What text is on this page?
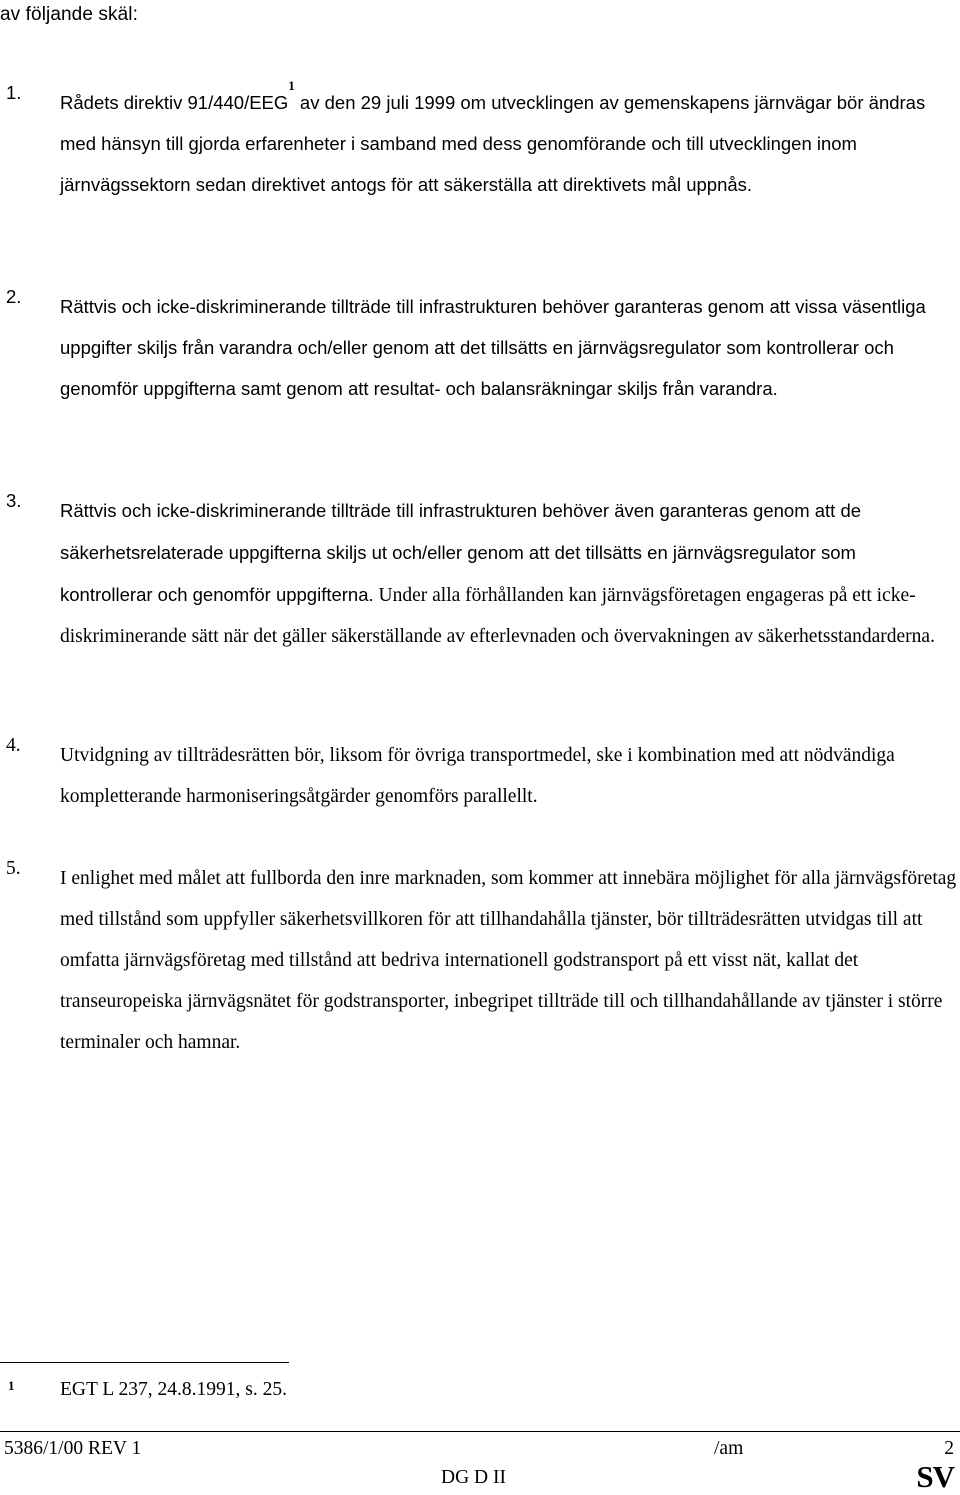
av följande skäl:
1. Rådets direktiv 91/440/EEG$^1$ av den 29 juli 1999 om utvecklingen av gemenskapens järnvägar bör ändras med hänsyn till gjorda erfarenheter i samband med dess genomförande och till utvecklingen inom järnvägssektorn sedan direktivet antogs för att säkerställa att direktivets mål uppnås.
2. Rättvis och icke-diskriminerande tillträde till infrastrukturen behöver garanteras genom att vissa väsentliga uppgifter skiljs från varandra och/eller genom att det tillsätts en järnvägsregulator som kontrollerar och genomför uppgifterna samt genom att resultat- och balansräkningar skiljs från varandra.
3. Rättvis och icke-diskriminerande tillträde till infrastrukturen behöver även garanteras genom att de säkerhetsrelaterade uppgifterna skiljs ut och/eller genom att det tillsätts en järnvägsregulator som kontrollerar och genomför uppgifterna. Under alla förhållanden kan järnvägsföretagen engageras på ett icke-diskriminerande sätt när det gäller säkerställande av efterlevnaden och övervakningen av säkerhetsstandarderna.
4. Utvidgning av tillträdesrätten bör, liksom för övriga transportmedel, ske i kombination med att nödvändiga kompletterande harmoniseringsåtgärder genomförs parallellt.
5. I enlighet med målet att fullborda den inre marknaden, som kommer att innebära möjlighet för alla järnvägsföretag med tillstånd som uppfyller säkerhetsvillkoren för att tillhandahålla tjänster, bör tillträdesrätten utvidgas till att omfatta järnvägsföretag med tillstånd att bedriva internationell godstransport på ett visst nät, kallat det transeuropeiska järnvägsnätet för godstransporter, inbegripet tillträde till och tillhandahållande av tjänster i större terminaler och hamnar.
1 EGT L 237, 24.8.1991, s. 25.
5386/1/00 REV 1	/am	2
DG D II	SV
